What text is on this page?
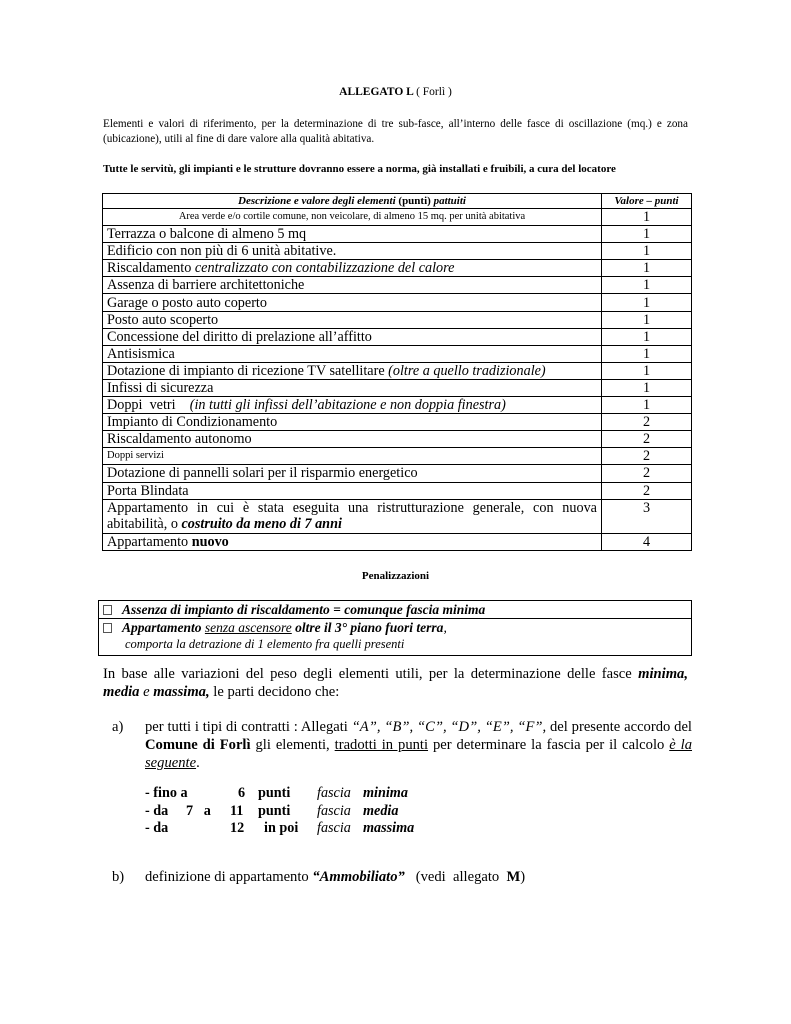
ALLEGATO L ( Forlì )
Elementi e valori di riferimento, per la determinazione di tre sub-fasce, all’interno delle fasce di oscillazione (mq.) e zona (ubicazione), utili al fine di dare valore alla qualità abitativa.
Tutte le servitù, gli impianti e le strutture dovranno essere a norma, già installati e fruibili, a cura del locatore
Descrizione e valore degli elementi (punti) pattuiti	Valore – punti
Area verde e/o cortile comune, non veicolare, di almeno 15 mq. per unità abitativa	1
Terrazza o balcone di almeno 5 mq	1
Edificio con non più di 6 unità abitative.	1
Riscaldamento centralizzato con contabilizzazione del calore	1
Assenza di barriere architettoniche	1
Garage o posto auto coperto	1
Posto auto scoperto	1
Concessione del diritto di prelazione all’affitto	1
Antisismica	1
Dotazione di impianto di ricezione TV satellitare (oltre a quello tradizionale)	1
Infissi di sicurezza	1
Doppi  vetri    (in tutti gli infissi dell’abitazione e non doppia finestra)	1
Impianto di Condizionamento	2
Riscaldamento autonomo	2
Doppi servizi	2
Dotazione di pannelli solari per il risparmio energetico	2
Porta Blindata	2
Appartamento in cui è stata eseguita una ristrutturazione generale, con nuova abitabilità, o costruito da meno di 7 anni	3
Appartamento nuovo	4
Penalizzazioni
Assenza di impianto di riscaldamento = comunque fascia minima
Appartamento senza ascensore oltre il 3° piano fuori terra,
comporta la detrazione di 1 elemento fra quelli presenti
In base alle variazioni del peso degli elementi utili, per la determinazione delle fasce minima, media e massima, le parti decidono che:
a) per tutti i tipi di contratti : Allegati “A”, “B”, “C”, “D”, “E”, “F”, del presente accordo del Comune di Forlì gli elementi, tradotti in punti per determinare la fascia per il calcolo è la seguente.
- fino a	6 punti fascia minima
- da     7   a 11 punti fascia media
- da	12 in poi fascia massima
b) definizione di appartamento “Ammobiliato”   (vedi  allegato  M)
